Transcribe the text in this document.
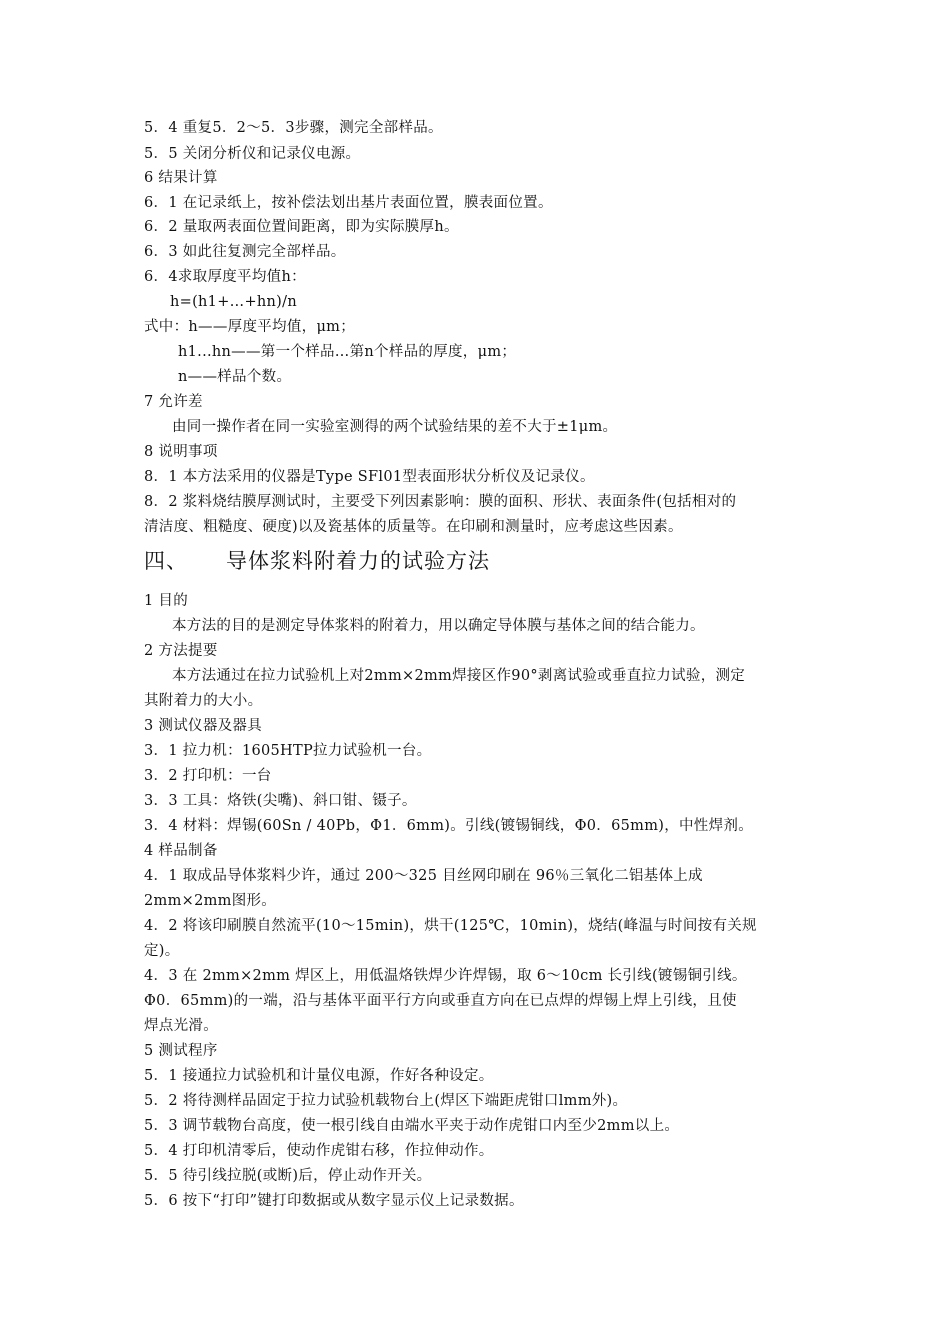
四、 导体浆料附着力的试验方法
5．4 重复5．2～5．3步骤，测完全部样品。
5．5 关闭分析仪和记录仪电源。
6 结果计算
6．1 在记录纸上，按补偿法划出基片表面位置，膜表面位置。
6．2 量取两表面位置间距离，即为实际膜厚h。
6．3 如此往复测完全部样品。
6．4求取厚度平均值h：
h=(h1+…+hn)/n
式中：h——厚度平均值，μm；
h1...hn——第一个样品…第n个样品的厚度，μm；
n——样品个数。
7 允许差
由同一操作者在同一实验室测得的两个试验结果的差不大于±1μm。
8 说明事项
8．1 本方法采用的仪器是Type SFl01型表面形状分析仪及记录仪。
8．2 浆料烧结膜厚测试时，主要受下列因素影响：膜的面积、形状、表面条件(包括相对的
清洁度、粗糙度、硬度)以及瓷基体的质量等。在印刷和测量时，应考虑这些因素。
1 目的
本方法的目的是测定导体浆料的附着力，用以确定导体膜与基体之间的结合能力。
2 方法提要
本方法通过在拉力试验机上对2mm×2mm焊接区作90°剥离试验或垂直拉力试验，测定
其附着力的大小。
3 测试仪器及器具
3．1 拉力机：1605HTP拉力试验机一台。
3．2 打印机：一台
3．3 工具：烙铁(尖嘴)、斜口钳、镊子。
3．4 材料：焊锡(60Sn / 40Pb，Φ1．6mm)。引线(镀锡铜线，Φ0．65mm)，中性焊剂。
4 样品制备
4．1 取成品导体浆料少许，通过 200～325 目丝网印刷在 96％三氧化二铝基体上成
2mm×2mm图形。
4．2 将该印刷膜自然流平(10～15min)，烘干(125℃，10min)，烧结(峰温与时间按有关规
定)。
4．3 在 2mm×2mm 焊区上，用低温烙铁焊少许焊锡，取 6～10cm 长引线(镀锡铜引线。
Φ0．65mm)的一端，沿与基体平面平行方向或垂直方向在已点焊的焊锡上焊上引线，且使
焊点光滑。
5 测试程序
5．1 接通拉力试验机和计量仪电源，作好各种设定。
5．2 将待测样品固定于拉力试验机载物台上(焊区下端距虎钳口lmm外)。
5．3 调节载物台高度，使一根引线自由端水平夹于动作虎钳口内至少2mm以上。
5．4 打印机清零后，使动作虎钳右移，作拉伸动作。
5．5 待引线拉脱(或断)后，停止动作开关。
5．6 按下“打印”键打印数据或从数字显示仪上记录数据。
